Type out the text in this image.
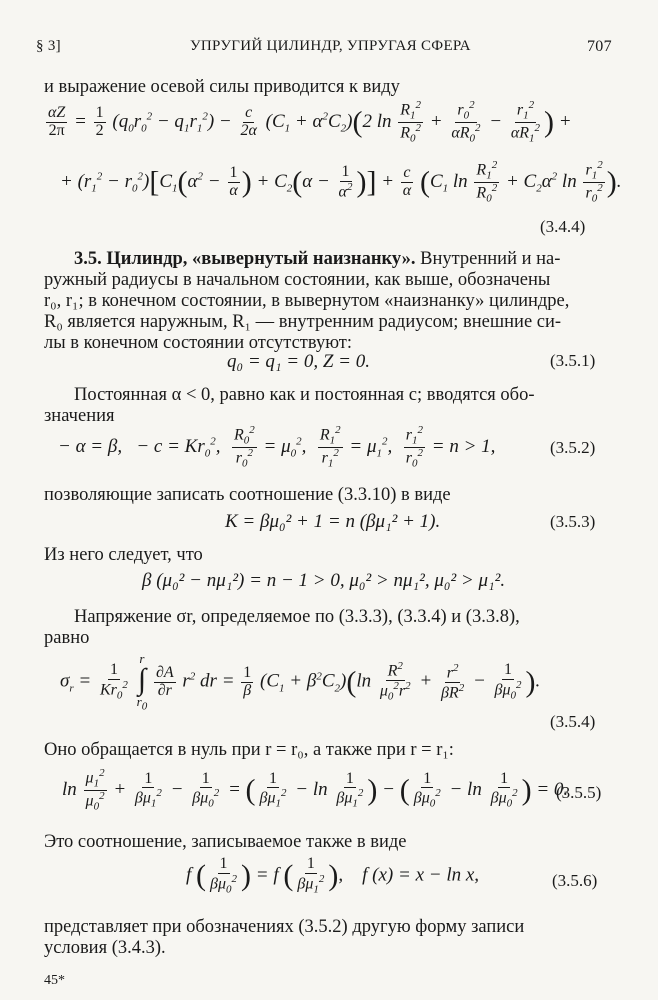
§ 3]	УПРУГИЙ ЦИЛИНДР, УПРУГАЯ СФЕРА	707
и выражение осевой силы приводится к виду
$\frac{\alpha Z}{2\pi} = \frac{1}{2} (q_0r_0^2 - q_1r_1^2) - \frac{c}{2\alpha} (C_1 + \alpha^2C_2)(2$ $\ln \frac{R_1^2}{R_0^2} + \frac{r_0^2}{\alpha R_0^2} - \frac{r_1^2}{\alpha R_1^2}$ ) +
+ $(r_1^2 - r_0^2)[C_1(\alpha^2 - \frac{1}{\alpha}$ ) + $C_2(\alpha - \frac{1}{\alpha^2}$ )] + $\frac{c}{\alpha} (C_1$ $\ln \frac{R_1^2}{R_0^2} + C_2\alpha^2$ $\ln \frac{r_1^2}{r_0^2}$ ).
(3.4.4)
3.5. Цилиндр, «вывернутый наизнанку». Внутренний и на-
ружный радиусы в начальном состоянии, как выше, обозначены
r₀, r₁; в конечном состоянии, в вывернутом «наизнанку» цилиндре,
R₀ является наружным, R₁ — внутренним радиусом; внешние си-
лы в конечном состоянии отсутствуют:
q₀ = q₁ = 0, Z = 0.	(3.5.1)
Постоянная α < 0, равно как и постоянная c; вводятся обо-
значения
− α = β,   − $c = Kr_0^2$, $\frac{R_0^2}{r_0^2} = \mu_0^2$, $\frac{R_1^2}{r_1^2} = \mu_1^2$, $\frac{r_1^2}{r_0^2} = n > 1$,	(3.5.2)
позволяющие записать соотношение (3.3.10) в виде
K = βμ₀² + 1 = n (βμ₁² + 1).	(3.5.3)
Из него следует, что
β (μ₀² − nμ₁²) = n − 1 > 0, μ₀² > nμ₁², μ₀² > μ₁².
Напряжение σr, определяемое по (3.3.3), (3.3.4) и (3.3.8),
равно
$\sigma_r = \frac{1}{Kr_0^2}$

r
∫
$r_0$

$\frac{\partial A}{\partial r} r^2$ dr = $\frac{1}{\beta} (C_1 + \beta^2C_2)(\ln \frac{R^2}{\mu_0^2r^2} + \frac{r^2}{\beta R^2} - \frac{1}{\beta\mu_0^2}$ ).
(3.5.4)
Оно обращается в нуль при r = r₀, а также при r = r₁:
$\ln \frac{\mu_1^2}{\mu_0^2} + \frac{1}{\beta\mu_1^2} - \frac{1}{\beta\mu_0^2}$ = ( $\frac{1}{\beta\mu_1^2} - \ln \frac{1}{\beta\mu_1^2}$ ) − ( $\frac{1}{\beta\mu_0^2} - \ln \frac{1}{\beta\mu_0^2}$ ) = 0.
(3.5.5)
Это соотношение, записываемое также в виде
f ( $\frac{1}{\beta\mu_0^2}$ ) = f ( $\frac{1}{\beta\mu_1^2}$ ),    f (x) = x − ln x,	(3.5.6)
представляет при обозначениях (3.5.2) другую форму записи
условия (3.4.3).
45*
